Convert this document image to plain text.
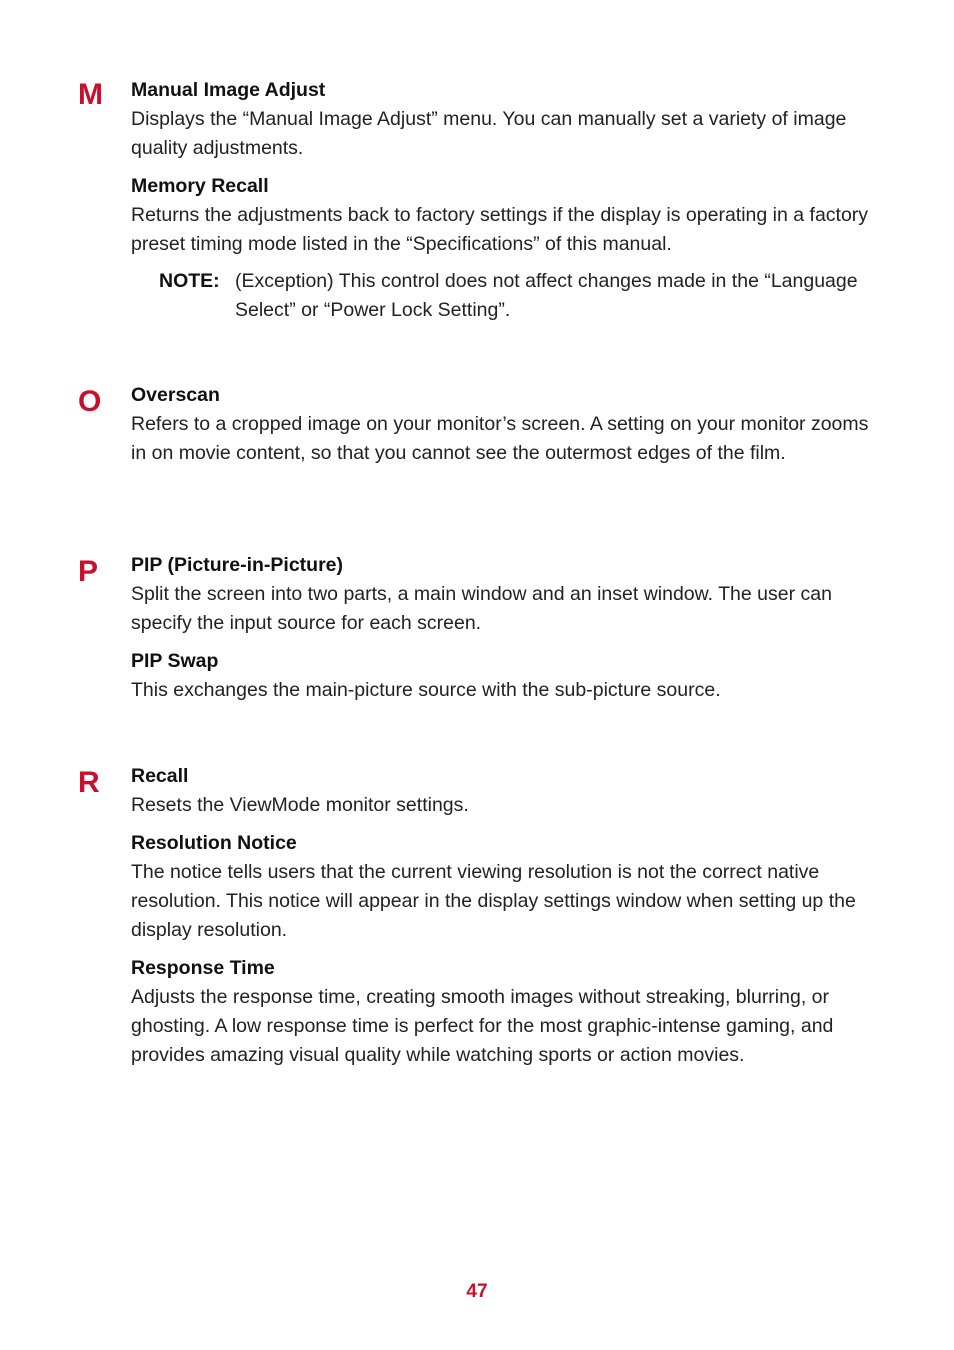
M Manual Image Adjust

Displays the “Manual Image Adjust” menu. You can manually set a variety of image quality adjustments.

Memory Recall

Returns the adjustments back to factory settings if the display is operating in a factory preset timing mode listed in the “Specifications” of this manual.

NOTE: (Exception) This control does not affect changes made in the “Language Select” or “Power Lock Setting”.
O Overscan

Refers to a cropped image on your monitor’s screen. A setting on your monitor zooms in on movie content, so that you cannot see the outermost edges of the film.

P PIP (Picture-in-Picture)

Split the screen into two parts, a main window and an inset window. The user can specify the input source for each screen.

PIP Swap

This exchanges the main-picture source with the sub-picture source.

R Recall

Resets the ViewMode monitor settings.

Resolution Notice

The notice tells users that the current viewing resolution is not the correct native resolution. This notice will appear in the display settings window when setting up the display resolution.

Response Time

Adjusts the response time, creating smooth images without streaking, blurring, or ghosting. A low response time is perfect for the most graphic-intense gaming, and provides amazing visual quality while watching sports or action movies.

47
